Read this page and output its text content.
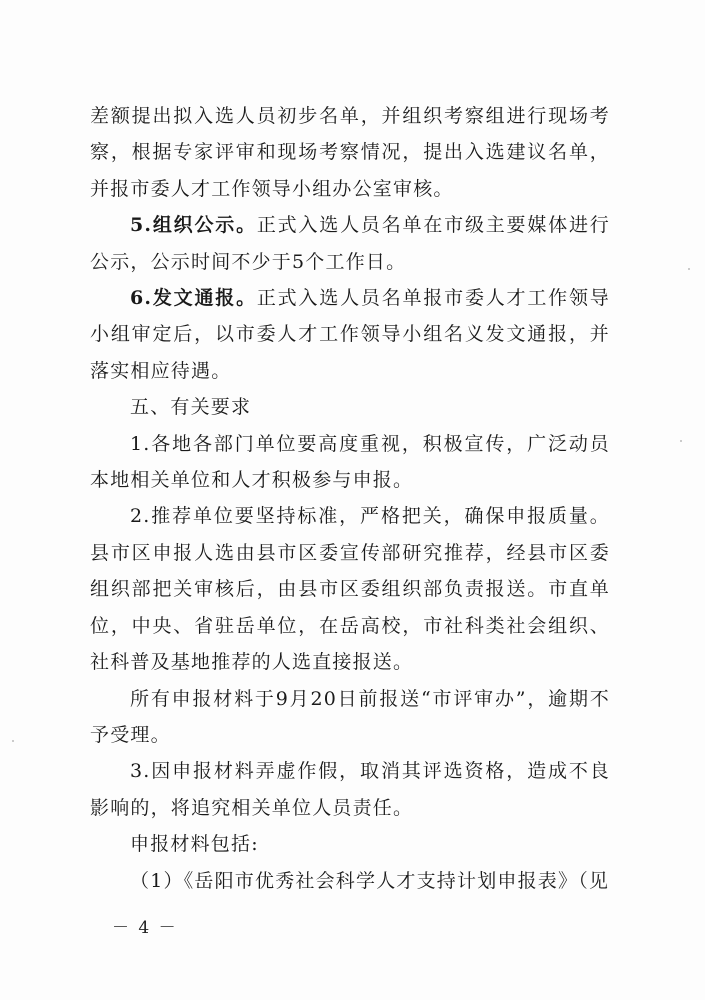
差额提出拟入选人员初步名单，并组织考察组进行现场考察，根据专家评审和现场考察情况，提出入选建议名单，并报市委人才工作领导小组办公室审核。

5.组织公示。正式入选人员名单在市级主要媒体进行公示，公示时间不少于5个工作日。

6.发文通报。正式入选人员名单报市委人才工作领导小组审定后，以市委人才工作领导小组名义发文通报，并落实相应待遇。

五、有关要求

1.各地各部门单位要高度重视，积极宣传，广泛动员本地相关单位和人才积极参与申报。

2.推荐单位要坚持标准，严格把关，确保申报质量。县市区申报人选由县市区委宣传部研究推荐，经县市区委组织部把关审核后，由县市区委组织部负责报送。市直单位，中央、省驻岳单位，在岳高校，市社科类社会组织、社科普及基地推荐的人选直接报送。

所有申报材料于9月20日前报送“市评审办”，逾期不予受理。

3.因申报材料弄虚作假，取消其评选资格，造成不良影响的，将追究相关单位人员责任。

申报材料包括:

（1）《岳阳市优秀社会科学人才支持计划申报表》（见

－ 4 －
